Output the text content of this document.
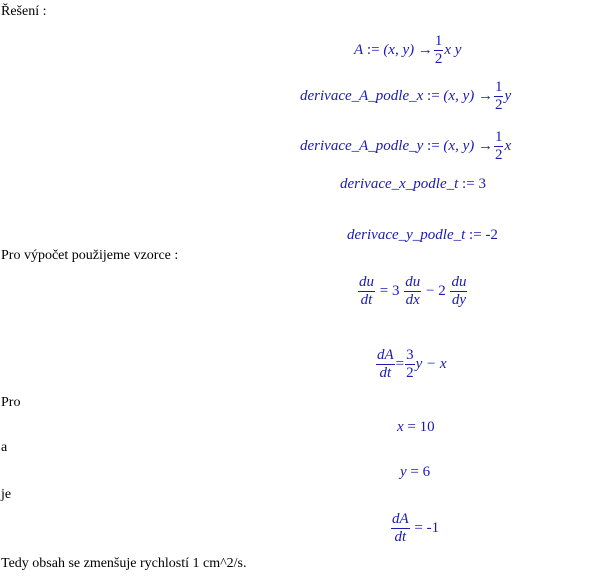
Řešení :
Pro výpočet použijeme vzorce :
Pro
a
je
Tedy obsah se zmenšuje rychlostí 1 cm^2/s.
A := (x, $y) \to \frac{1}{2}$ x y
derivace_A_podle_x := (x, $y) \to \frac{1}{2}$ y
derivace_A_podle_y := (x, $y) \to \frac{1}{2}$ x
derivace_x_podle_t := 3
derivace_y_podle_t := -2
$\frac{du}{dt} = 3 \frac{du}{dx} - 2 \frac{du}{dy}$
$\frac{dA}{dt} = \frac{3}{2}$ y − x
x = 10
y = 6
$\frac{dA}{dt} = -1$
